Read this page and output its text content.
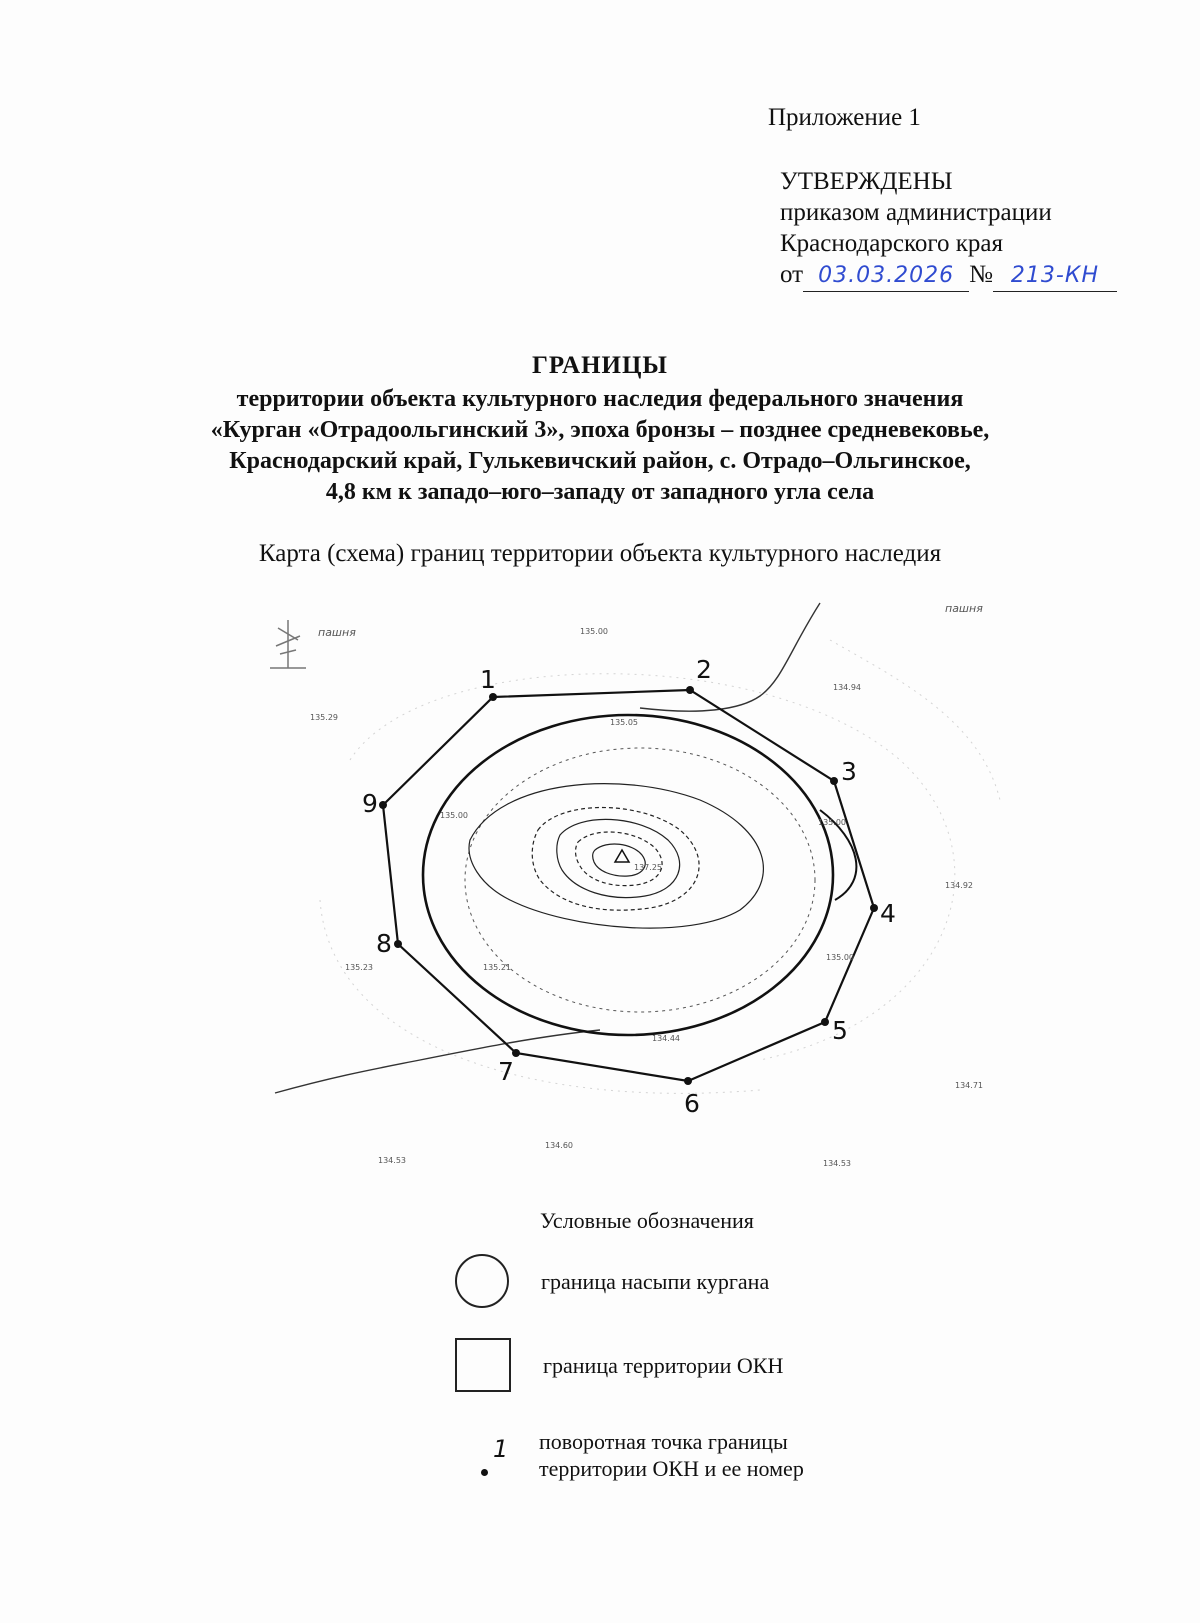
Приложение 1
УТВЕРЖДЕНЫ
приказом администрации
Краснодарского края
от 03.03.2026 № 213-КН
ГРАНИЦЫ
территории объекта культурного наследия федерального значения
«Курган «Отрадоольгинский 3», эпоха бронзы – позднее средневековье,
Краснодарский край, Гулькевичский район, с. Отрадо–Ольгинское,
4,8 км к западо–юго–западу от западного угла села
Карта (схема) границ территории объекта культурного наследия
1	2
3
4
5
6
7
8
9
пашня
пашня
135.00
134.94
135.29
135.05
135.00
135.00
134.92
135.00
135.23	135.21
134.71
134.60
134.53	134.53
134.44
137.25
Условные обозначения
граница насыпи кургана
граница территории ОКН
1 поворотная точка границы
территории ОКН и ее номер
